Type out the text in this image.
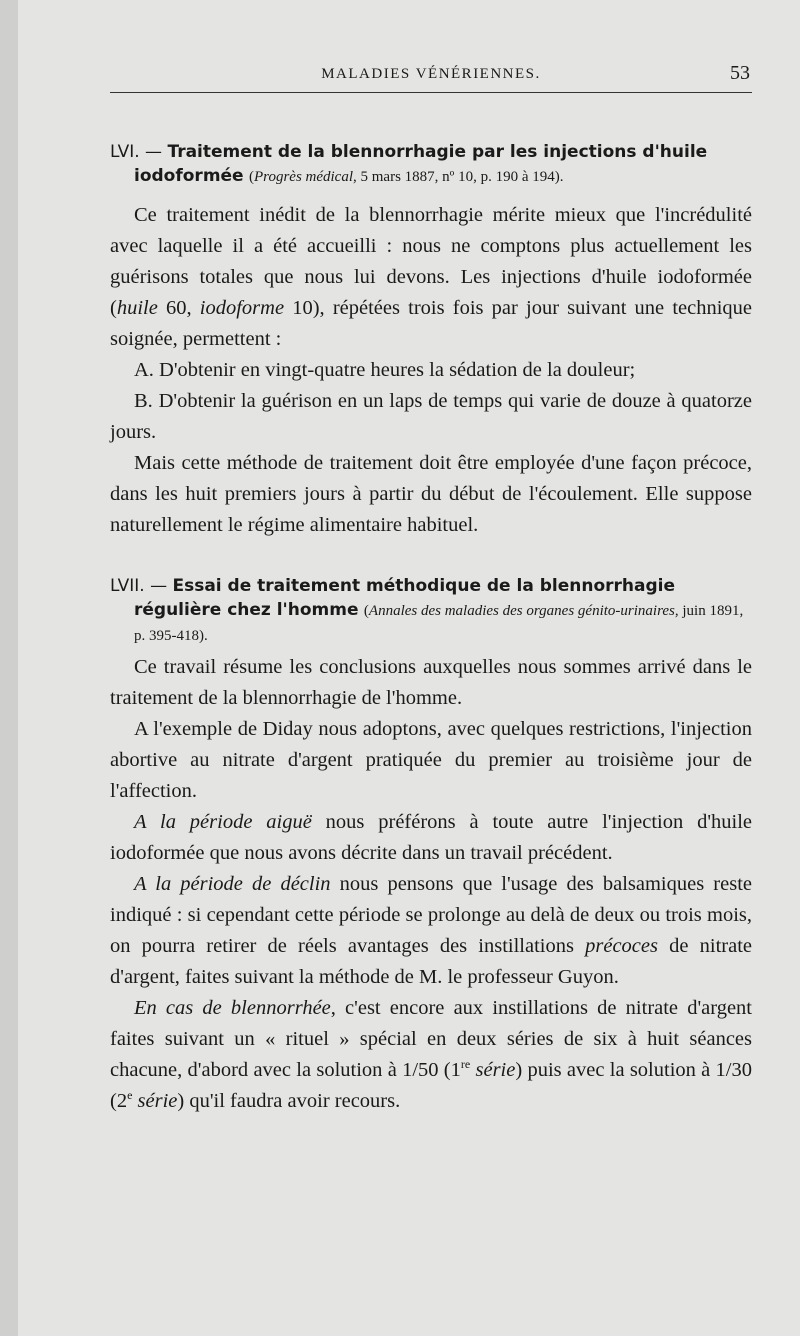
MALADIES VÉNÉRIENNES.	53

LVI. — Traitement de la blennorrhagie par les injections d'huile iodoformée (Progrès médical, 5 mars 1887, nº 10, p. 190 à 194).

Ce traitement inédit de la blennorrhagie mérite mieux que l'incrédulité avec laquelle il a été accueilli : nous ne comptons plus actuellement les guérisons totales que nous lui devons. Les injections d'huile iodoformée (huile 60, iodoforme 10), répétées trois fois par jour suivant une technique soignée, permettent :

A. D'obtenir en vingt-quatre heures la sédation de la douleur;

B. D'obtenir la guérison en un laps de temps qui varie de douze à quatorze jours.

Mais cette méthode de traitement doit être employée d'une façon précoce, dans les huit premiers jours à partir du début de l'écoulement. Elle suppose naturellement le régime alimentaire habituel.

LVII. — Essai de traitement méthodique de la blennorrhagie régulière chez l'homme (Annales des maladies des organes génito-urinaires, juin 1891, p. 395-418).

Ce travail résume les conclusions auxquelles nous sommes arrivé dans le traitement de la blennorrhagie de l'homme.

A l'exemple de Diday nous adoptons, avec quelques restrictions, l'injection abortive au nitrate d'argent pratiquée du premier au troisième jour de l'affection.

A la période aiguë nous préférons à toute autre l'injection d'huile iodoformée que nous avons décrite dans un travail précédent.

A la période de déclin nous pensons que l'usage des balsamiques reste indiqué : si cependant cette période se prolonge au delà de deux ou trois mois, on pourra retirer de réels avantages des instillations précoces de nitrate d'argent, faites suivant la méthode de M. le professeur Guyon.

En cas de blennorrhée, c'est encore aux instillations de nitrate d'argent faites suivant un « rituel » spécial en deux séries de six à huit séances chacune, d'abord avec la solution à 1/50 (1re série) puis avec la solution à 1/30 (2e série) qu'il faudra avoir recours.
